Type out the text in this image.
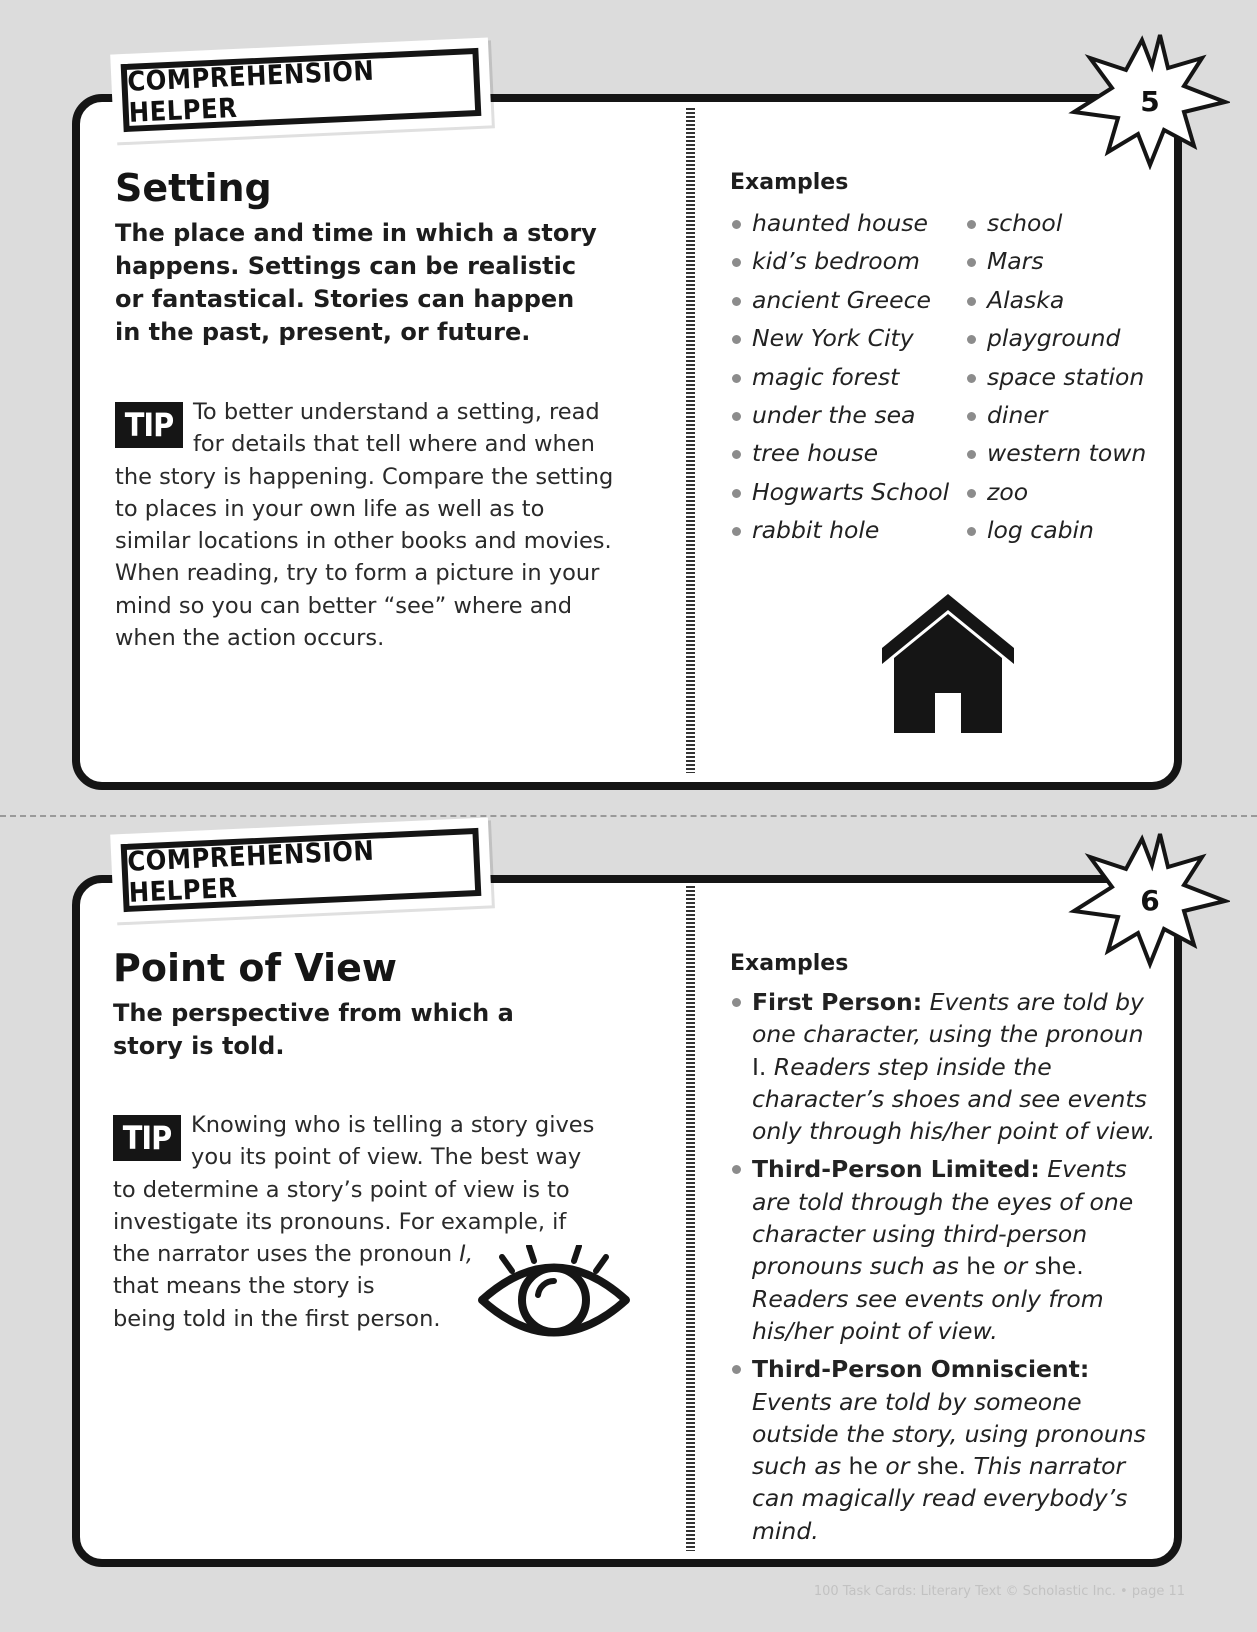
COMPREHENSION HELPER	5
Setting

The place and time in which a story happens. Settings can be realistic or fantastical. Stories can happen in the past, present, or future.

TIP To better understand a setting, read for details that tell where and when the story is happening. Compare the setting to places in your own life as well as to similar locations in other books and movies. When reading, try to form a picture in your mind so you can better “see” where and when the action occurs.
Examples
haunted house
kid’s bedroom
ancient Greece
New York City
magic forest
under the sea
tree house
Hogwarts School
rabbit hole
school
Mars
Alaska
playground
space station
diner
western town
zoo
log cabin
COMPREHENSION HELPER	6
Point of View

The perspective from which a story is told.

TIP Knowing who is telling a story gives you its point of view. The best way to determine a story’s point of view is to investigate its pronouns. For example, if the narrator uses the pronoun I,that means the story is being told in the first person.
Examples
First Person: Events are told by one character, using the pronoun I. Readers step inside the character’s shoes and see events only through his/her point of view.
Third-Person Limited: Events are told through the eyes of one character using third-person pronouns such as he or she. Readers see events only from his/her point of view.
Third-Person Omniscient: Events are told by someone outside the story, using pronouns such as he or she. This narrator can magically read everybody’s mind.
100 Task Cards: Literary Text © Scholastic Inc. • page 11
